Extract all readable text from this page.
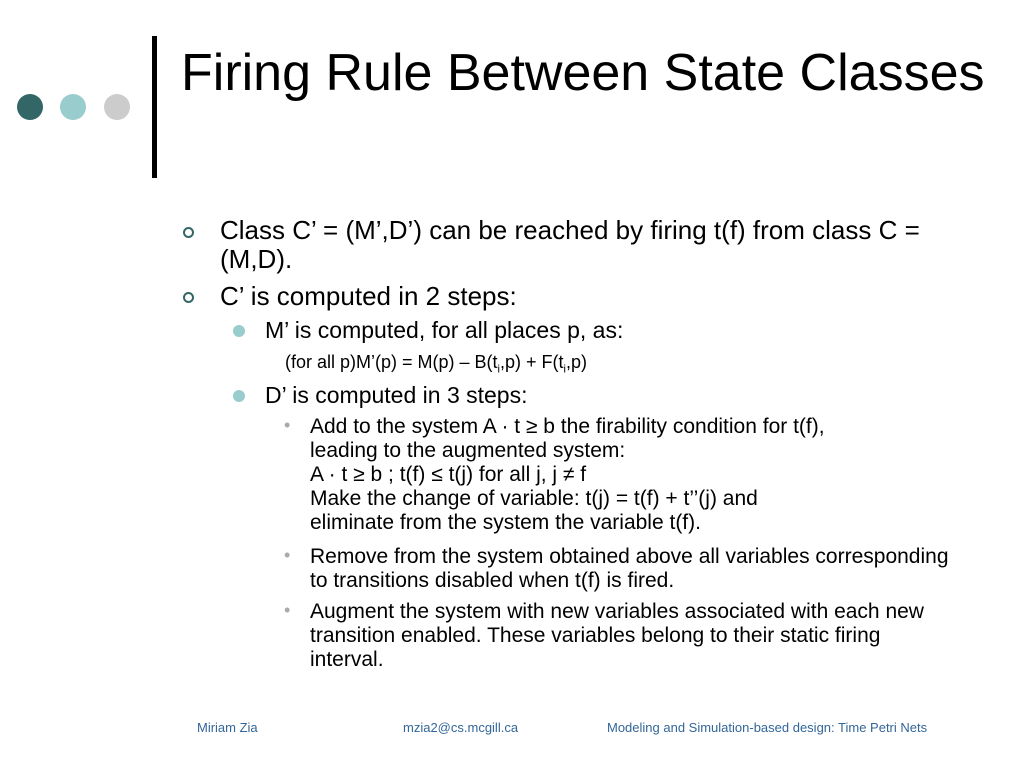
Firing Rule Between State Classes
Class C’ = (M’,D’) can be reached by firing t(f) from class C = (M,D).
C’ is computed in 2 steps:
M’ is computed, for all places p, as:
(for all p)M’(p) = $M(p) - B(t_i,p) + F(t_i,p)$
D’ is computed in 3 steps:
• Add to the system A · t ≥ b the firability condition for t(f),
leading to the augmented system:
A · t ≥ b ; t(f) ≤ t(j) for all j, j ≠ f
Make the change of variable: t(j) = t(f) + t’’(j) and
eliminate from the system the variable t(f).
• Remove from the system obtained above all variables corresponding to transitions disabled when t(f) is fired.
• Augment the system with new variables associated with each new transition enabled. These variables belong to their static firing interval.
Miriam Zia	mzia2@cs.mcgill.ca	Modeling and Simulation-based design: Time Petri Nets
